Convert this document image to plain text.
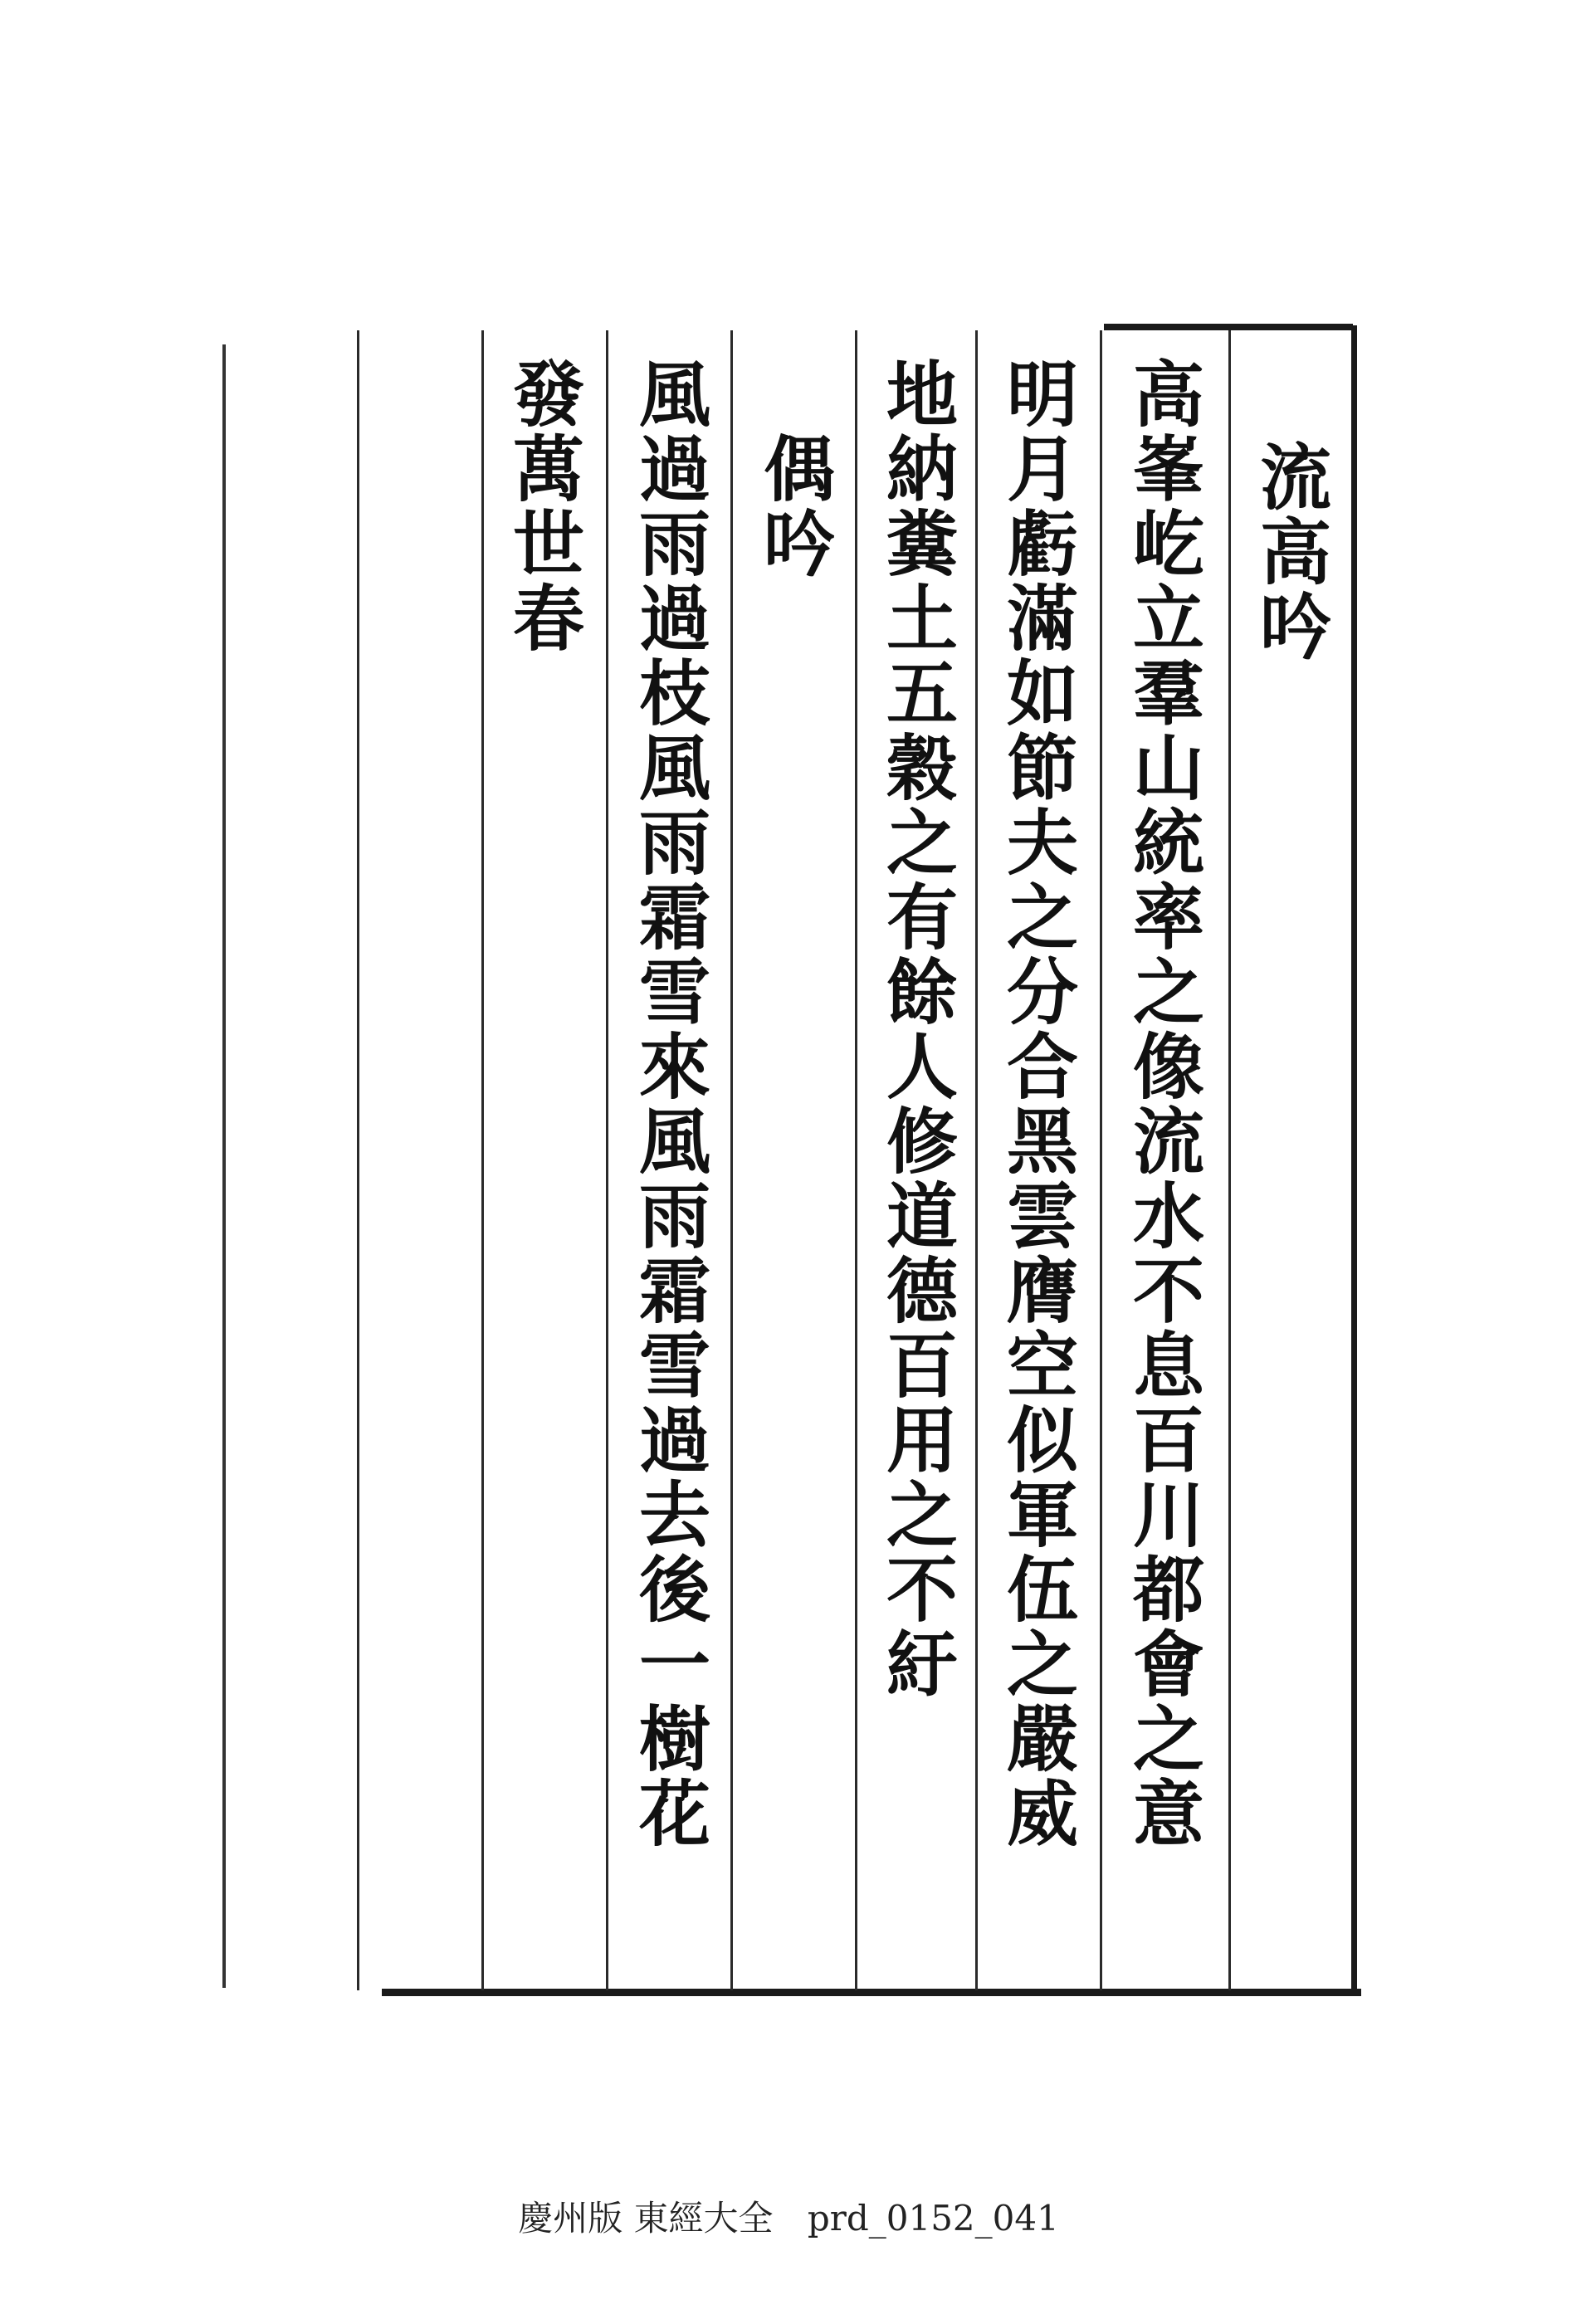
流高吟
高峯屹立羣山統率之像流水不息百川都會之意
明月虧滿如節夫之分合黑雲膺空似軍伍之嚴威
地納糞土五穀之有餘人修道德百用之不紆
偶吟
風過雨過枝風雨霜雪來風雨霜雪過去後一樹花
發萬世春
慶州版 東經大全 prd_0152_041
